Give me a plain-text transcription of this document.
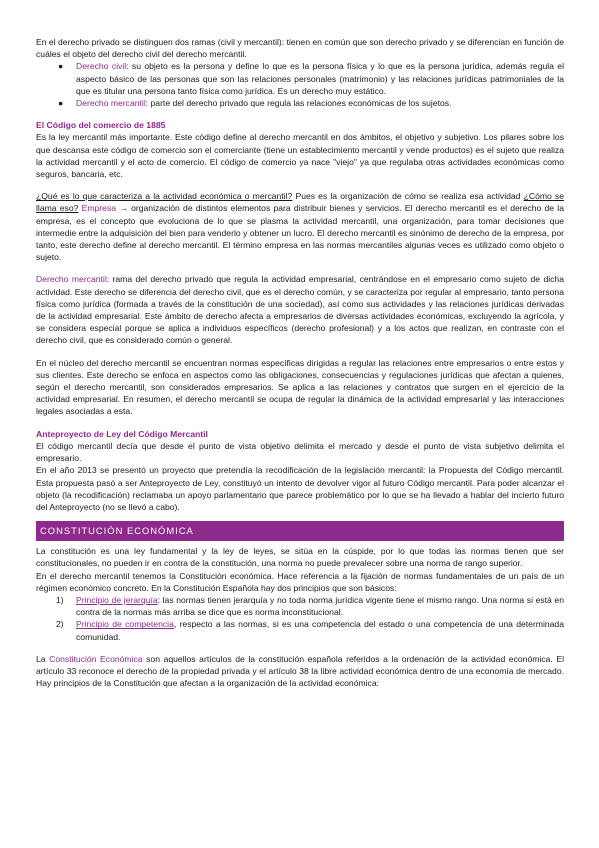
En el derecho privado se distinguen dos ramas (civil y mercantil): tienen en común que son derecho privado y se diferencian en función de cuáles el objeto del derecho civil del derecho mercantil.

● Derecho civil: su objeto es la persona y define lo que es la persona física y lo que es la persona jurídica, además regula el aspecto básico de las personas que son las relaciones personales (matrimonio) y las relaciones jurídicas patrimoniales de la que es titular una persona tanto física como jurídica. Es un derecho muy estático.
● Derecho mercantil: parte del derecho privado que regula las relaciones económicas de los sujetos.

El Código del comercio de 1885

Es la ley mercantil más importante. Este código define al derecho mercantil en dos ámbitos, el objetivo y subjetivo. Los pilares sobre los que descansa este código de comercio son el comerciante (tiene un establecimiento mercantil y vende productos) es el sujeto que realiza la actividad mercantil y el acto de comercio. El código de comercio ya nace "viejo" ya que regulaba otras actividades económicas como seguros, bancaria, etc.

¿Qué es lo que caracteriza a la actividad económica o mercantil? Pues es la organización de cómo se realiza esa actividad ¿Cómo se llama eso? Empresa → organización de distintos elementos para distribuir bienes y servicios. El derecho mercantil es el derecho de la empresa, es el concepto que evoluciona de lo que se plasma la actividad mercantil, una organización, para tomar decisiones que intermedie entre la adquisición del bien para venderlo y obtener un lucro. El derecho mercantil es sinónimo de derecho de la empresa, por tanto, este derecho define al derecho mercantil. El término empresa en las normas mercantiles algunas veces es utilizado como objeto o sujeto.

Derecho mercantil: rama del derecho privado que regula la actividad empresarial, centrándose en el empresario como sujeto de dicha actividad. Este derecho se diferencia del derecho civil, que es el derecho común, y se caracteriza por regular al empresario, tanto persona física como jurídica (formada a través de la constitución de una sociedad), así como sus actividades y las relaciones jurídicas derivadas de la actividad empresarial. Este ámbito de derecho afecta a empresarios de diversas actividades económicas, excluyendo la agrícola, y se considera especial porque se aplica a individuos específicos (derecho profesional) y a los actos que realizan, en contraste con el derecho civil, que es considerado común o general.

En el núcleo del derecho mercantil se encuentran normas específicas dirigidas a regular las relaciones entre empresarios o entre estos y sus clientes. Este derecho se enfoca en aspectos como las obligaciones, consecuencias y regulaciones jurídicas que afectan a quienes, según el derecho mercantil, son considerados empresarios. Se aplica a las relaciones y contratos que surgen en el ejercicio de la actividad empresarial. En resumen, el derecho mercantil se ocupa de regular la dinámica de la actividad empresarial y las interacciones legales asociadas a esta.

Anteproyecto de Ley del Código Mercantil

El código mercantil decía que desde el punto de vista objetivo delimita el mercado y desde el punto de vista subjetivo delimita el empresario.

En el año 2013 se presentó un proyecto que pretendía la recodificación de la legislación mercantil: la Propuesta del Código mercantil. Esta propuesta pasó a ser Anteproyecto de Ley, constituyó un intento de devolver vigor al futuro Código mercantil. Para poder alcanzar el objeto (la recodificación) reclamaba un apoyo parlamentario que parece problemático por lo que se ha llevado a hablar del incierto futuro del Anteproyecto (no se llevó a cabo).

CONSTITUCIÓN ECONÓMICA

La constitución es una ley fundamental y la ley de leyes, se sitúa en la cúspide, por lo que todas las normas tienen que ser constitucionales, no pueden ir en contra de la constitución, una norma no puede prevalecer sobre una norma de rango superior.

En el derecho mercantil tenemos la Constitución económica. Hace referencia a la fijación de normas fundamentales de un país de un régimen económico concreto. En la Constitución Española hay dos principios que son básicos:

1) Principio de jerarquía: las normas tienen jerarquía y no toda norma jurídica vigente tiene el mismo rango. Una norma si está en contra de la normas más arriba se dice que es norma inconstitucional.
2) Principio de competencia, respecto a las normas, si es una competencia del estado o una competencia de una determinada comunidad.

La Constitución Económica son aquellos artículos de la constitución española referidos a la ordenación de la actividad económica. El artículo 33 reconoce el derecho de la propiedad privada y el artículo 38 la libre actividad económica dentro de una economía de mercado. Hay principios de la Constitución que afectan a la organización de la actividad económica:
